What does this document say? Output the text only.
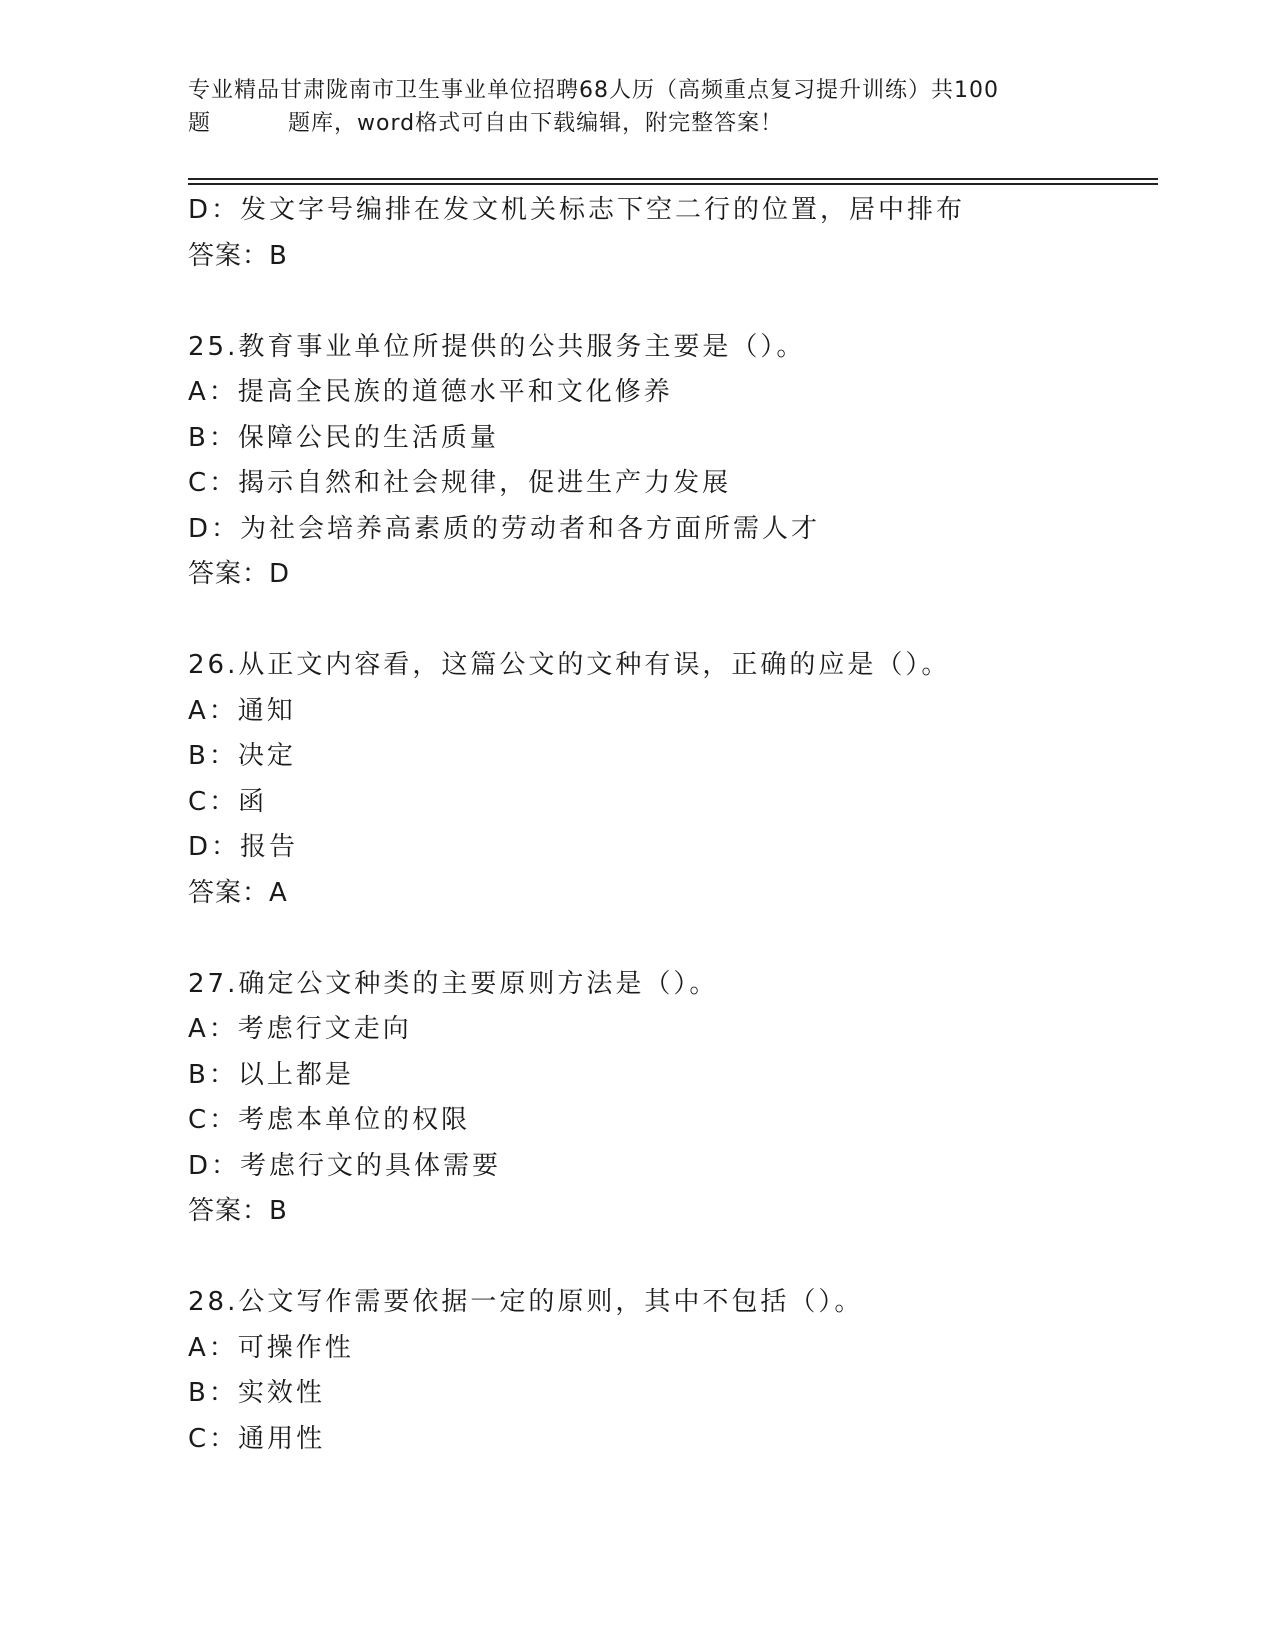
专业精品甘肃陇南市卫生事业单位招聘68人历（高频重点复习提升训练）共100
题	题库，word格式可自由下载编辑，附完整答案！
D：发文字号编排在发文机关标志下空二行的位置，居中排布
答案：B
25.教育事业单位所提供的公共服务主要是（）。
A：提高全民族的道德水平和文化修养
B：保障公民的生活质量
C：揭示自然和社会规律，促进生产力发展
D：为社会培养高素质的劳动者和各方面所需人才
答案：D
26.从正文内容看，这篇公文的文种有误，正确的应是（）。
A：通知
B：决定
C：函
D：报告
答案：A
27.确定公文种类的主要原则方法是（）。
A：考虑行文走向
B：以上都是
C：考虑本单位的权限
D：考虑行文的具体需要
答案：B
28.公文写作需要依据一定的原则，其中不包括（）。
A：可操作性
B：实效性
C：通用性
